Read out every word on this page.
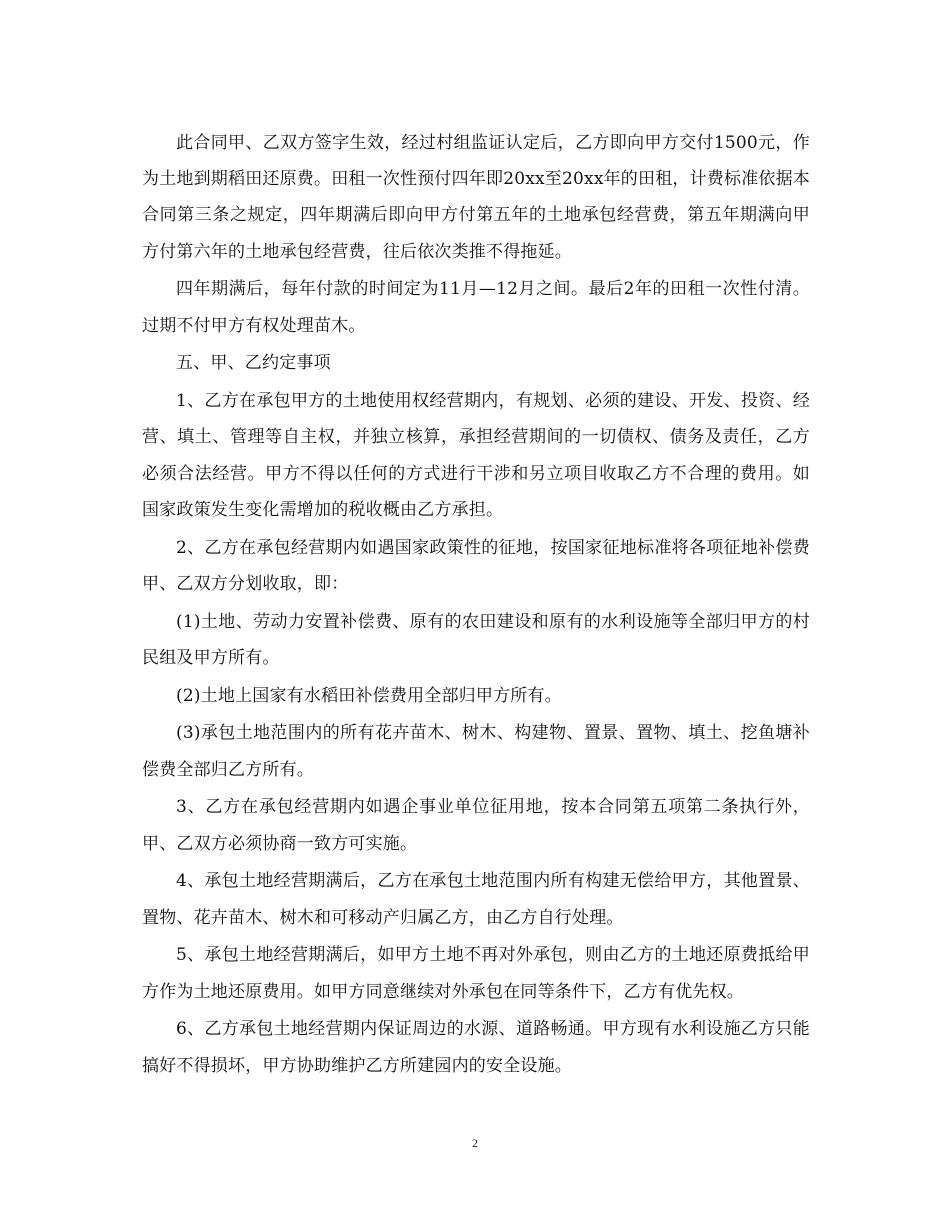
此合同甲、乙双方签字生效，经过村组监证认定后，乙方即向甲方交付1500元，作为土地到期稻田还原费。田租一次性预付四年即20xx至20xx年的田租，计费标准依据本合同第三条之规定，四年期满后即向甲方付第五年的土地承包经营费，第五年期满向甲方付第六年的土地承包经营费，往后依次类推不得拖延。

四年期满后，每年付款的时间定为11月—12月之间。最后2年的田租一次性付清。过期不付甲方有权处理苗木。

五、甲、乙约定事项

1、乙方在承包甲方的土地使用权经营期内，有规划、必须的建设、开发、投资、经营、填土、管理等自主权，并独立核算，承担经营期间的一切债权、债务及责任，乙方必须合法经营。甲方不得以任何的方式进行干涉和另立项目收取乙方不合理的费用。如国家政策发生变化需增加的税收概由乙方承担。

2、乙方在承包经营期内如遇国家政策性的征地，按国家征地标准将各项征地补偿费甲、乙双方分划收取，即：

(1)土地、劳动力安置补偿费、原有的农田建设和原有的水利设施等全部归甲方的村民组及甲方所有。

(2)土地上国家有水稻田补偿费用全部归甲方所有。

(3)承包土地范围内的所有花卉苗木、树木、构建物、置景、置物、填土、挖鱼塘补偿费全部归乙方所有。

3、乙方在承包经营期内如遇企事业单位征用地，按本合同第五项第二条执行外，甲、乙双方必须协商一致方可实施。

4、承包土地经营期满后，乙方在承包土地范围内所有构建无偿给甲方，其他置景、置物、花卉苗木、树木和可移动产归属乙方，由乙方自行处理。

5、承包土地经营期满后，如甲方土地不再对外承包，则由乙方的土地还原费抵给甲方作为土地还原费用。如甲方同意继续对外承包在同等条件下，乙方有优先权。

6、乙方承包土地经营期内保证周边的水源、道路畅通。甲方现有水利设施乙方只能搞好不得损坏，甲方协助维护乙方所建园内的安全设施。

2
